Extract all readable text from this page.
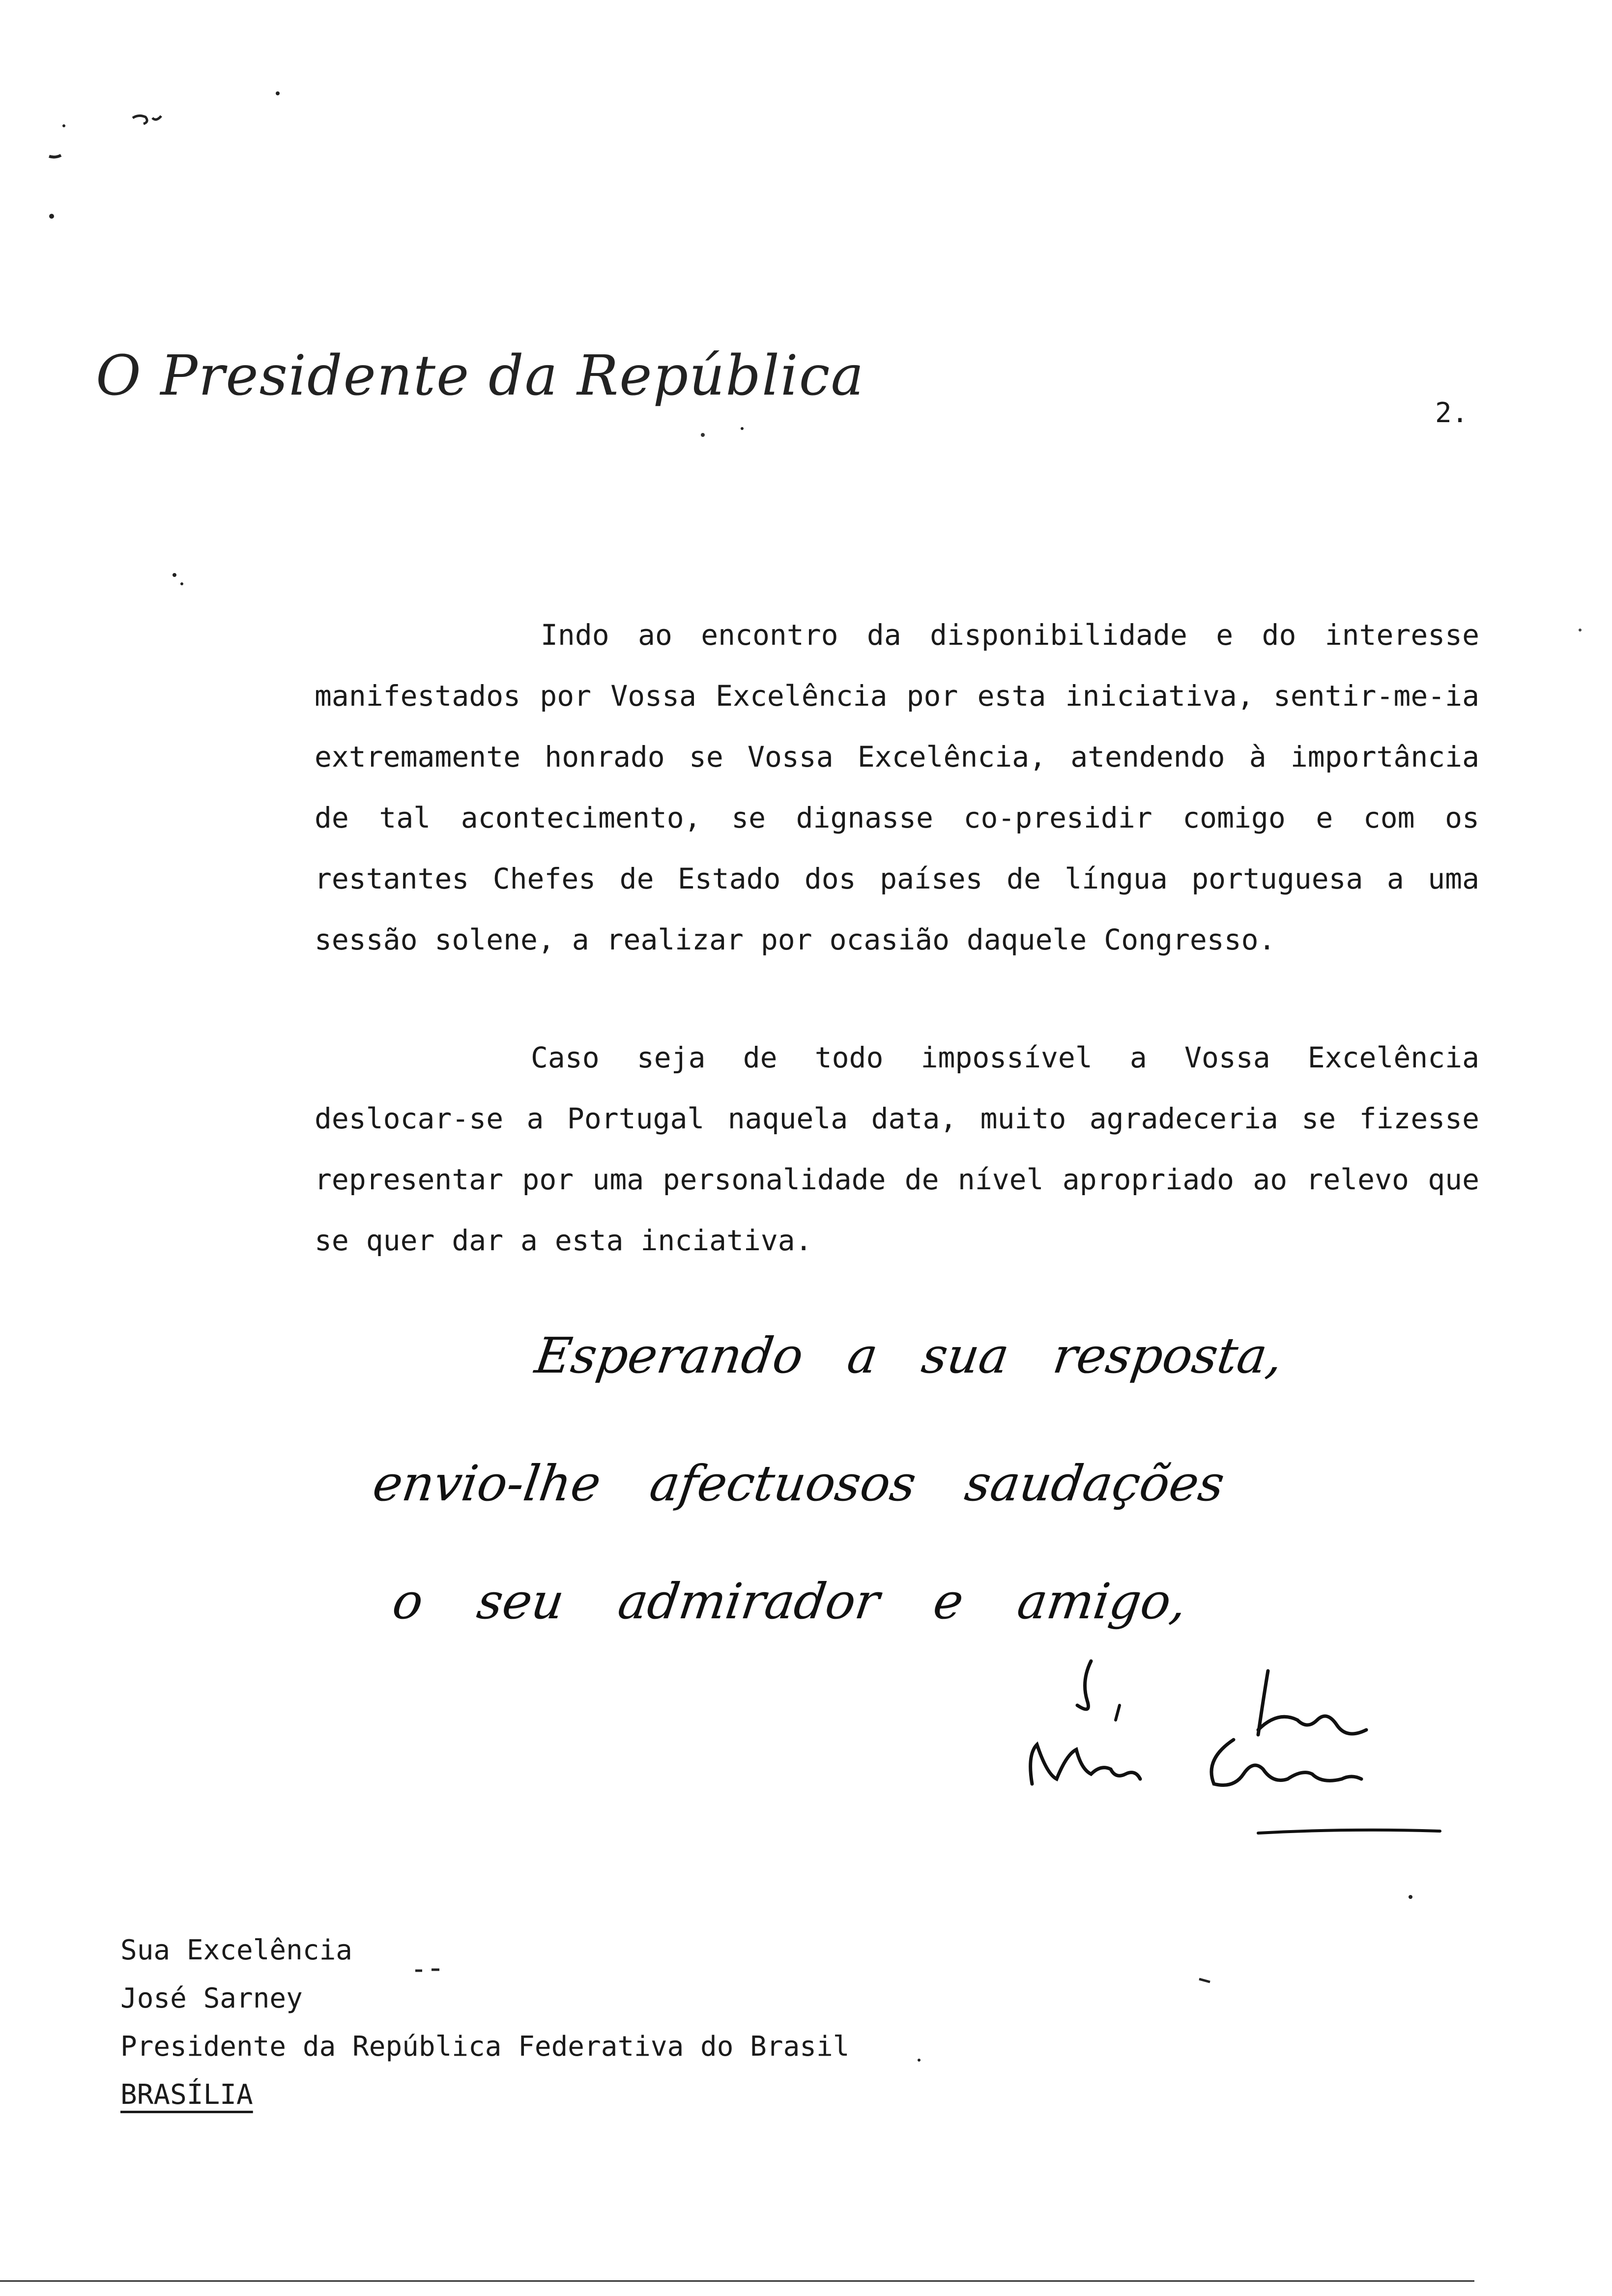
O Presidente da República
2.

Indo ao encontro da disponibilidade e do interesse manifestados por Vossa Excelência por esta iniciativa, sentir-me-ia extremamente honrado se Vossa Excelência, atendendo à importância de tal acontecimento, se dignasse co-presidir comigo e com os restantes Chefes de Estado dos países de língua portuguesa a uma sessão solene, a realizar por ocasião daquele Congresso.

Caso seja de todo impossível a Vossa Excelência deslocar-se a Portugal naquela data, muito agradeceria se fizesse representar por uma personalidade de nível apropriado ao relevo que se quer dar a esta inciativa.

Esperando a sua resposta,
envio-lhe afectuosos saudações
o seu admirador e amigo,
Sua Excelência
José Sarney
Presidente da República Federativa do Brasil
BRASÍLIA
